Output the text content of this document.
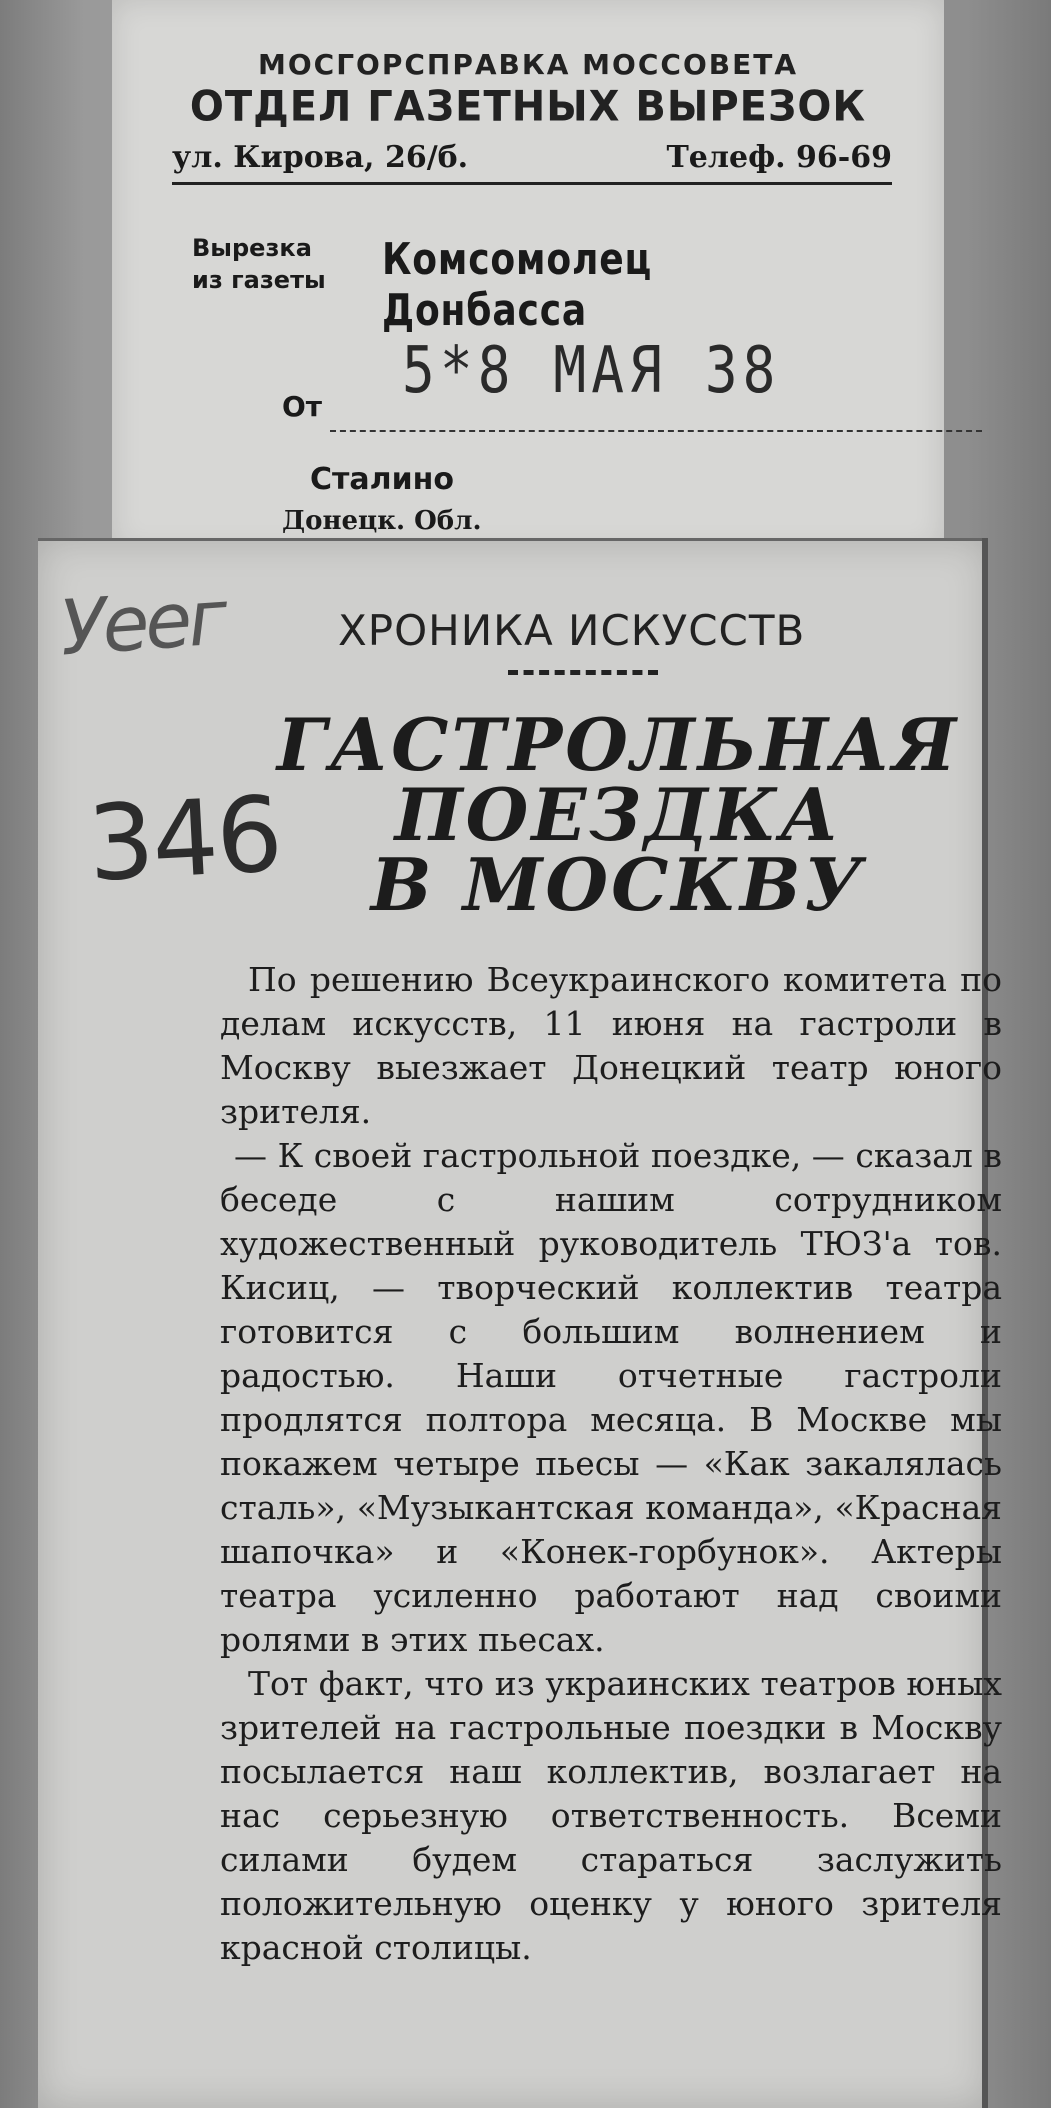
МОСГОРСПРАВКА МОССОВЕТА
ОТДЕЛ ГАЗЕТНЫХ ВЫРЕЗОК
ул. Кирова, 26/б.	Телеф. 96-69
Вырезка
из газеты Комсомолец Донбасса
От 5*8 МАЯ 38
Сталино
Донецк. Обл.
Уеег
346
ХРОНИКА ИСКУССТВ
ГАСТРОЛЬНАЯ
ПОЕЗДКА
В МОСКВУ

По решению Всеукраинского комитета по делам искусств, 11 июня на гастроли в Москву выезжает Донецкий театр юного зрителя.

— К своей гастрольной поездке, — сказал в беседе с нашим сотрудником художественный руководитель ТЮЗ'а тов. Кисиц, — творческий коллектив театра готовится с большим волнением и радостью. Наши отчетные гастроли продлятся полтора месяца. В Москве мы покажем четыре пьесы — «Как закалялась сталь», «Музыкантская команда», «Красная шапочка» и «Конек-горбунок». Актеры театра усиленно работают над своими ролями в этих пьесах.

Тот факт, что из украинских театров юных зрителей на гастрольные поездки в Москву посылается наш коллектив, возлагает на нас серьезную ответственность. Всеми силами будем стараться заслужить положительную оценку у юного зрителя красной столицы.
